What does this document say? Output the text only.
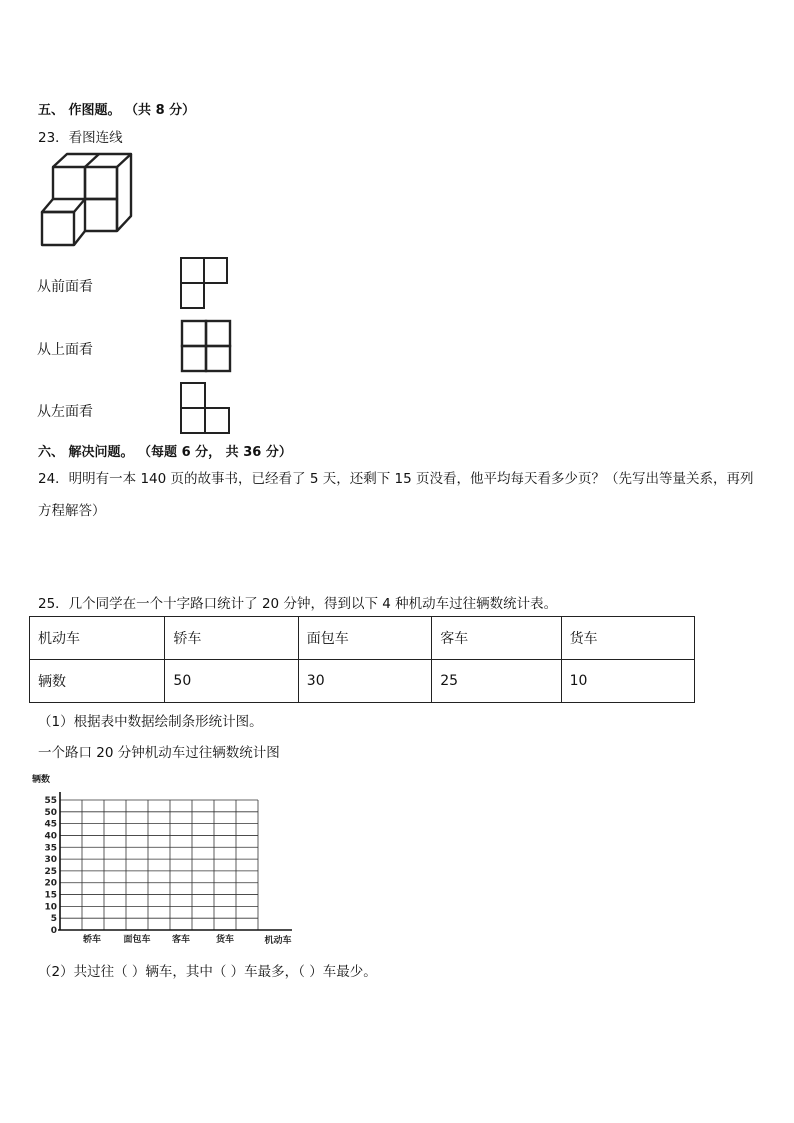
五、 作图题。 （共 8 分）
23．看图连线
从前面看
从上面看
从左面看
六、 解决问题。 （每题 6 分， 共 36 分）
24．明明有一本 140 页的故事书，已经看了 5 天，还剩下 15 页没看，他平均每天看多少页？（先写出等量关系，再列
方程解答）
25．几个同学在一个十字路口统计了 20 分钟，得到以下 4 种机动车过往辆数统计表。
机动车	轿车	面包车	客车	货车
辆数	50	30	25	10
（1）根据表中数据绘制条形统计图。
一个路口 20 分钟机动车过往辆数统计图
辆数
0
5
10
15
20
25
30
35
40
45
50
55
轿车 面包车 客车	货车	机动车
（2）共过往（ ）辆车，其中（ ）车最多，（ ）车最少。
